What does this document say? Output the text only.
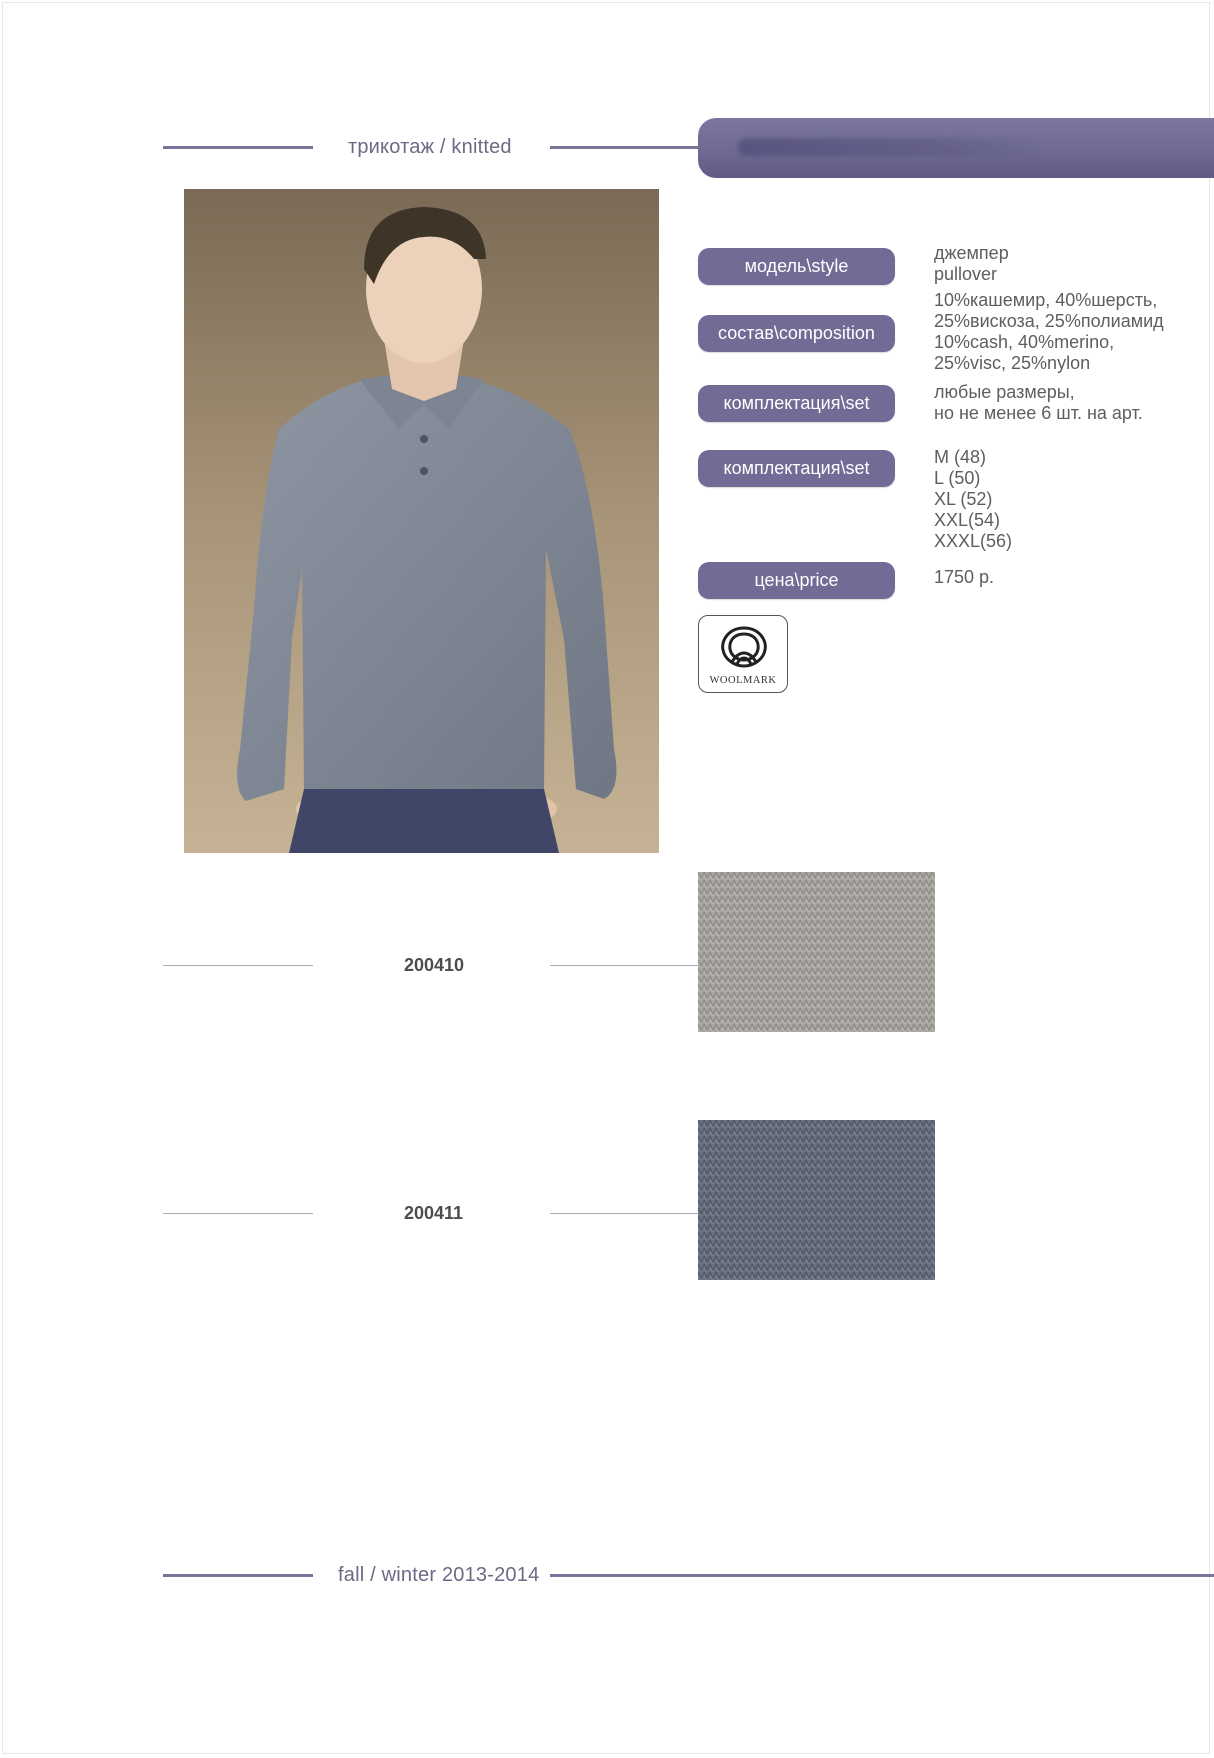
трикотаж / knitted
модель\style
джемпер
pullover
состав\composition
10%кашемир, 40%шерсть,
25%вискоза, 25%полиамид
10%cash, 40%merino,
25%visc, 25%nylon
комплектация\set
любые размеры,
но не менее 6 шт. на арт.
комплектация\set
M (48)
L (50)
XL (52)
XXL(54)
XXXL(56)
цена\price	1750 р.
WOOLMARK
200410
200411
fall / winter 2013-2014
